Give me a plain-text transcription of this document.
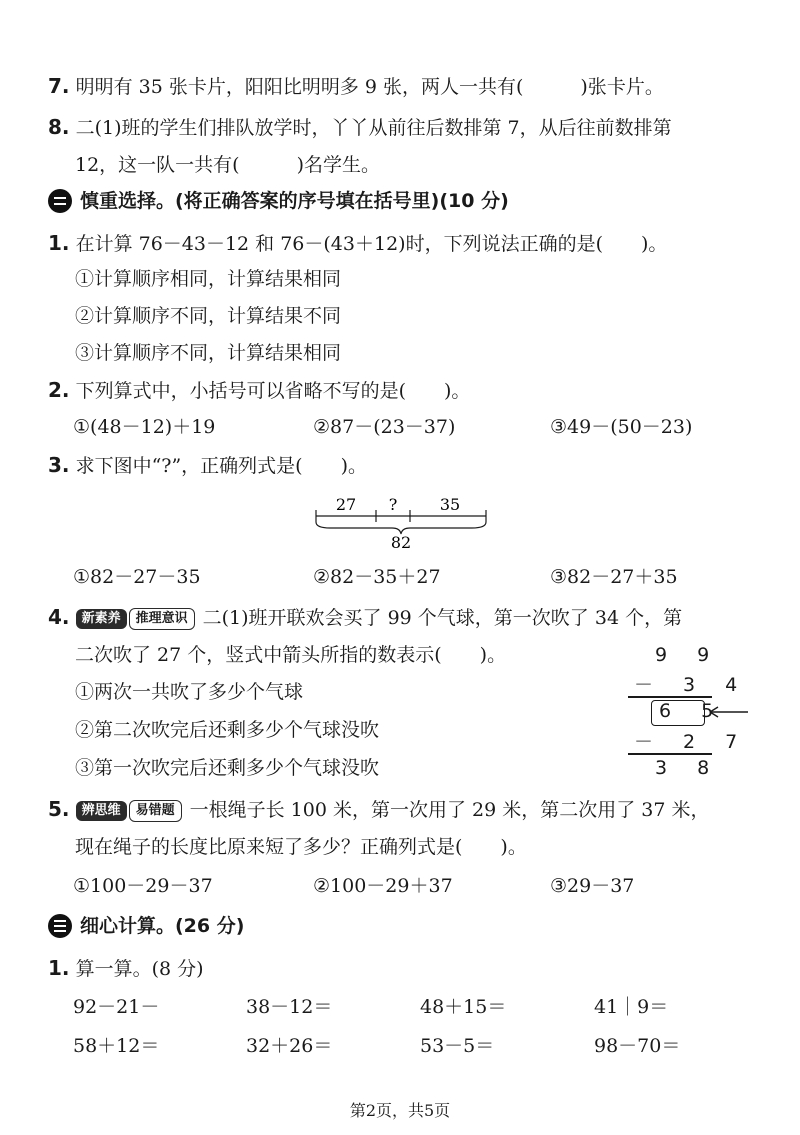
7. 明明有 35 张卡片，阳阳比明明多 9 张，两人一共有(　　　)张卡片。
8. 二(1)班的学生们排队放学时，丫丫从前往后数排第 7，从后往前数排第
12，这一队一共有(　　　)名学生。
慎重选择。(将正确答案的序号填在括号里)(10 分)
1. 在计算 76－43－12 和 76－(43＋12)时，下列说法正确的是(　　)。
①计算顺序相同，计算结果相同
②计算顺序不同，计算结果不同
③计算顺序不同，计算结果相同
2. 下列算式中，小括号可以省略不写的是(　　)。
①(48－12)＋19	②87－(23－37)	③49－(50－23)
3. 求下图中“?”，正确列式是(　　)。
27 ?	35
82
①82－27－35	②82－35＋27	③82－27＋35
4. 新素养 推理意识 二(1)班开联欢会买了 99 个气球，第一次吹了 34 个，第
二次吹了 27 个，竖式中箭头所指的数表示(　　)。
①两次一共吹了多少个气球
②第二次吹完后还剩多少个气球没吹
③第一次吹完后还剩多少个气球没吹
9 9
－ 3 4
6 5
－ 2 7
3 8
5. 辨思维 易错题 一根绳子长 100 米，第一次用了 29 米，第二次用了 37 米，
现在绳子的长度比原来短了多少？正确列式是(　　)。
①100－29－37	②100－29＋37	③29－37
细心计算。(26 分)
1. 算一算。(8 分)
92－21－	38－12＝	48＋15＝	41｜9＝
58＋12＝	32＋26＝	53－5＝	98－70＝
第2页，共5页
